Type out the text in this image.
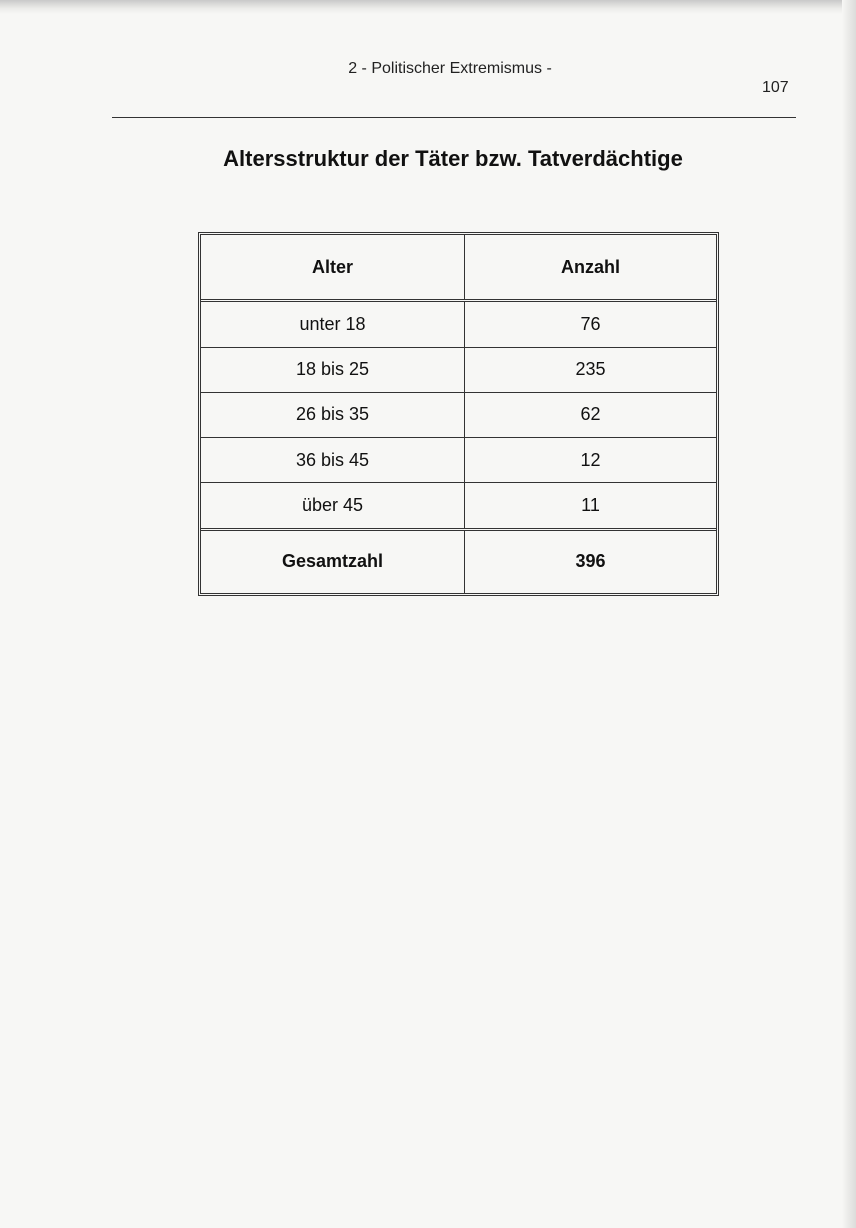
2 - Politischer Extremismus -
107
Altersstruktur der Täter bzw. Tatverdächtige
Alter	Anzahl
unter 18	76
18 bis 25	235
26 bis 35	62
36 bis 45	12
über 45	11
Gesamtzahl	396
